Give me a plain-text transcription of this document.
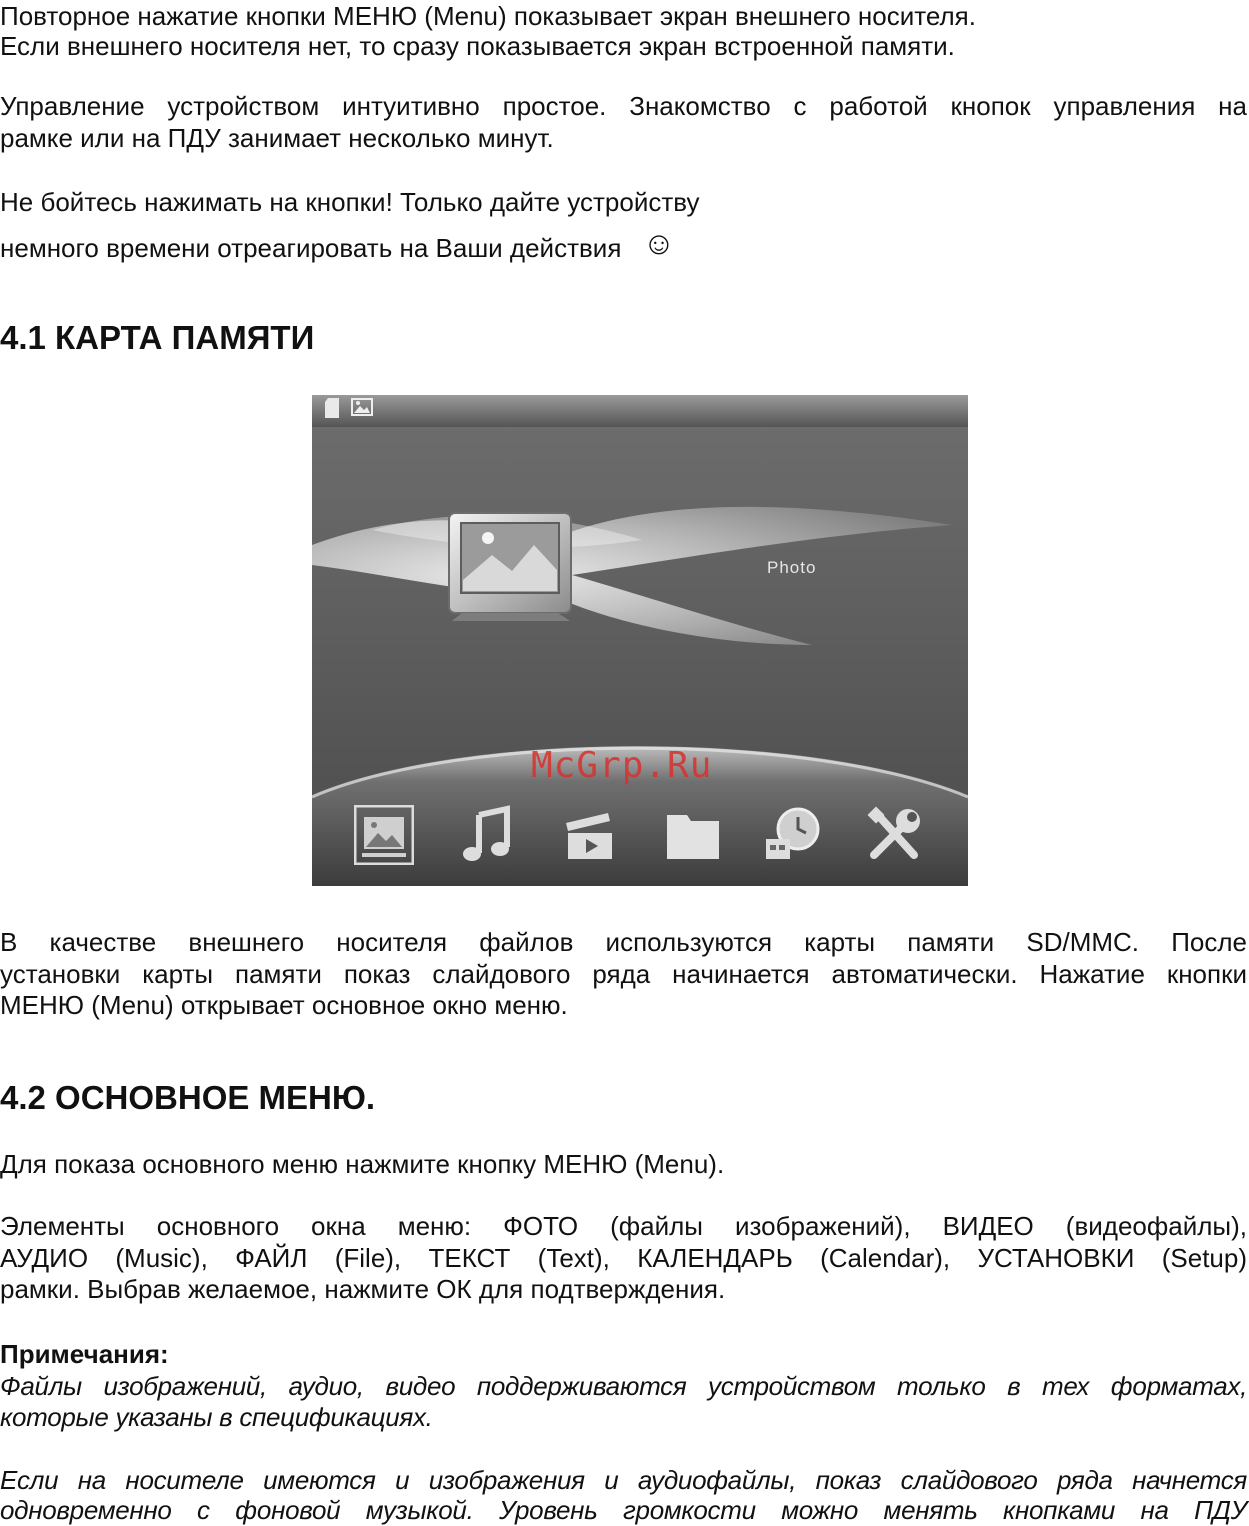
Повторное нажатие кнопки МЕНЮ (Menu) показывает экран внешнего носителя.
Если внешнего носителя нет, то сразу показывается экран встроенной памяти.
Управление устройством интуитивно простое. Знакомство с работой кнопок управления на
рамке или на ПДУ занимает несколько минут.
Не бойтесь нажимать на кнопки! Только дайте устройству
немного времени отреагировать на Ваши действия ☺
4.1 КАРТА ПАМЯТИ
Photo
McGrp.Ru
В качестве внешнего носителя файлов используются карты памяти SD/MMC. После
установки карты памяти показ слайдового ряда начинается автоматически. Нажатие кнопки
МЕНЮ (Menu) открывает основное окно меню.
4.2 ОСНОВНОЕ МЕНЮ.
Для показа основного меню нажмите кнопку МЕНЮ (Menu).
Элементы основного окна меню: ФОТО (файлы изображений), ВИДЕО (видеофайлы),
АУДИО (Music), ФАЙЛ (File), ТЕКСТ (Text), КАЛЕНДАРЬ (Calendar), УСТАНОВКИ (Setup)
рамки. Выбрав желаемое, нажмите ОК для подтверждения.
Примечания:
Файлы изображений, аудио, видео поддерживаются устройством только в тех форматах,
которые указаны в спецификациях.
Если на носителе имеются и изображения и аудиофайлы, показ слайдового ряда начнется
одновременно с фоновой музыкой. Уровень громкости можно менять кнопками на ПДУ
